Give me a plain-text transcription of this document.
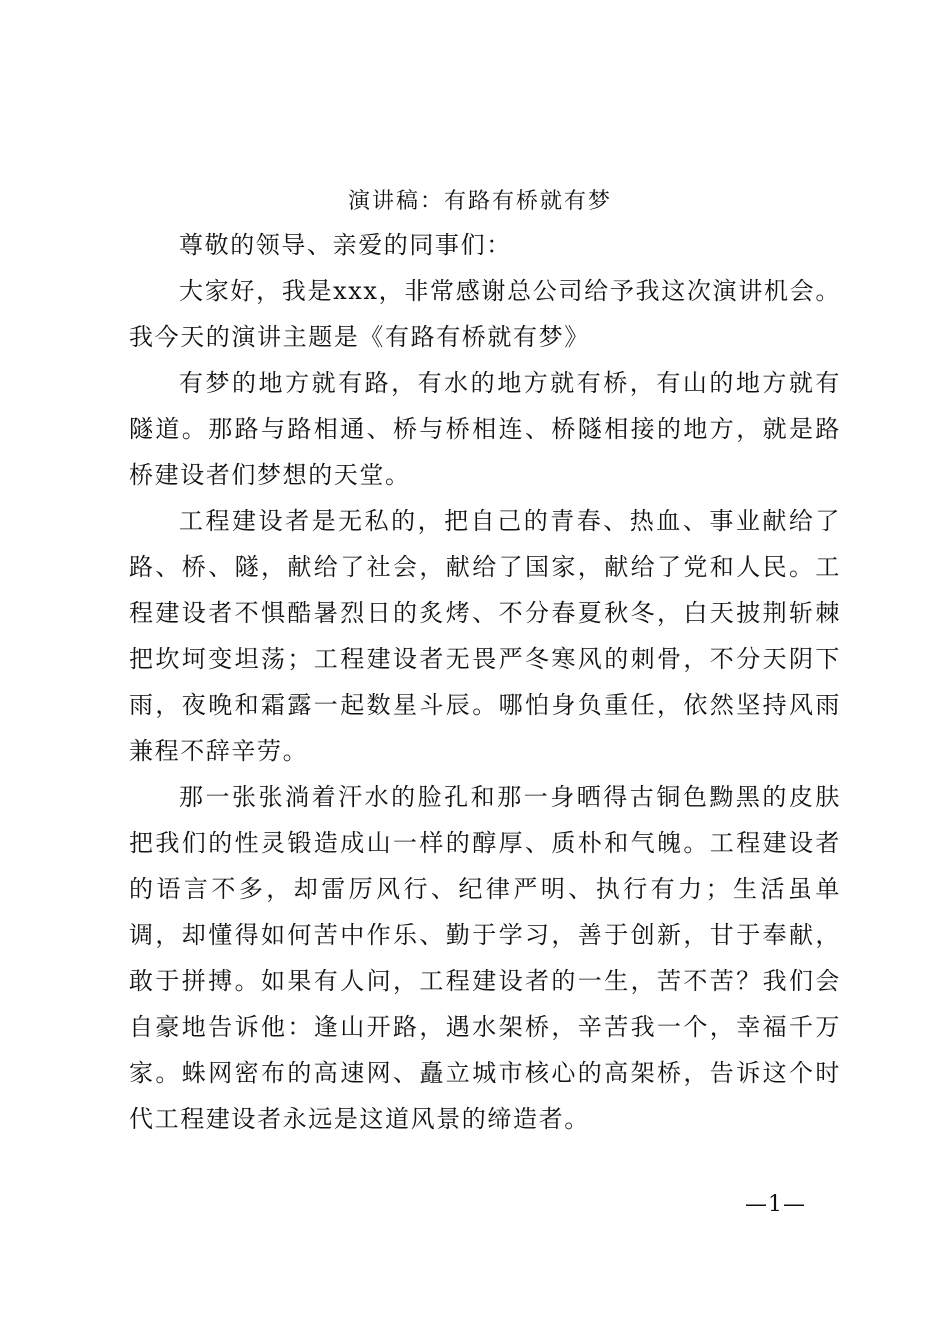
演讲稿：有路有桥就有梦

尊敬的领导、亲爱的同事们：

大家好，我是xxx，非常感谢总公司给予我这次演讲机会。我今天的演讲主题是《有路有桥就有梦》

有梦的地方就有路，有水的地方就有桥，有山的地方就有隧道。那路与路相通、桥与桥相连、桥隧相接的地方，就是路桥建设者们梦想的天堂。

工程建设者是无私的，把自己的青春、热血、事业献给了路、桥、隧，献给了社会，献给了国家，献给了党和人民。工程建设者不惧酷暑烈日的炙烤、不分春夏秋冬，白天披荆斩棘把坎坷变坦荡；工程建设者无畏严冬寒风的刺骨，不分天阴下雨，夜晚和霜露一起数星斗辰。哪怕身负重任，依然坚持风雨兼程不辞辛劳。

那一张张淌着汗水的脸孔和那一身晒得古铜色黝黑的皮肤把我们的性灵锻造成山一样的醇厚、质朴和气魄。工程建设者的语言不多，却雷厉风行、纪律严明、执行有力；生活虽单调，却懂得如何苦中作乐、勤于学习，善于创新，甘于奉献，敢于拼搏。如果有人问，工程建设者的一生，苦不苦？我们会自豪地告诉他：逢山开路，遇水架桥，辛苦我一个，幸福千万家。蛛网密布的高速网、矗立城市核心的高架桥，告诉这个时代工程建设者永远是这道风景的缔造者。

—1—
